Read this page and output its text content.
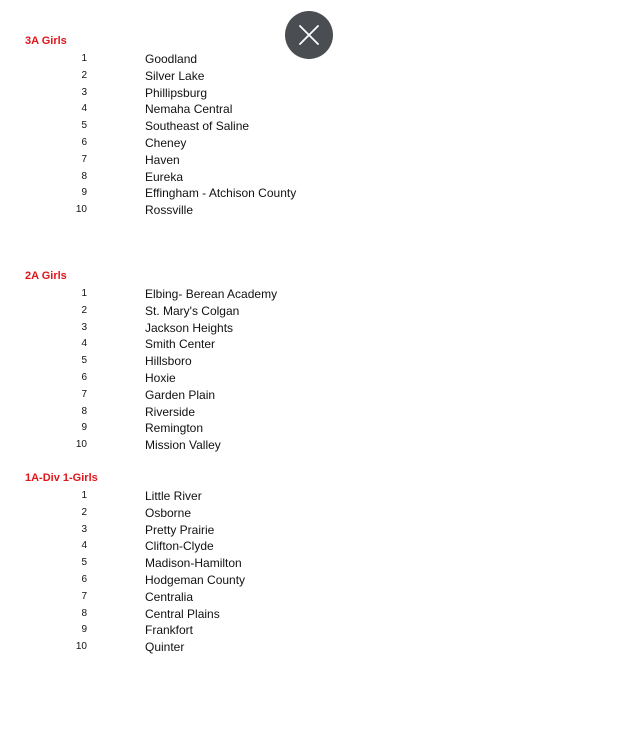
3A Girls
1	Goodland
2	Silver Lake
3	Phillipsburg
4	Nemaha Central
5	Southeast of Saline
6	Cheney
7	Haven
8	Eureka
9	Effingham - Atchison County
10	Rossville
2A Girls
1	Elbing- Berean Academy
2	St. Mary's Colgan
3	Jackson Heights
4	Smith Center
5	Hillsboro
6	Hoxie
7	Garden Plain
8	Riverside
9	Remington
10	Mission Valley
1A-Div 1-Girls
1	Little River
2	Osborne
3	Pretty Prairie
4	Clifton-Clyde
5	Madison-Hamilton
6	Hodgeman County
7	Centralia
8	Central Plains
9	Frankfort
10	Quinter
